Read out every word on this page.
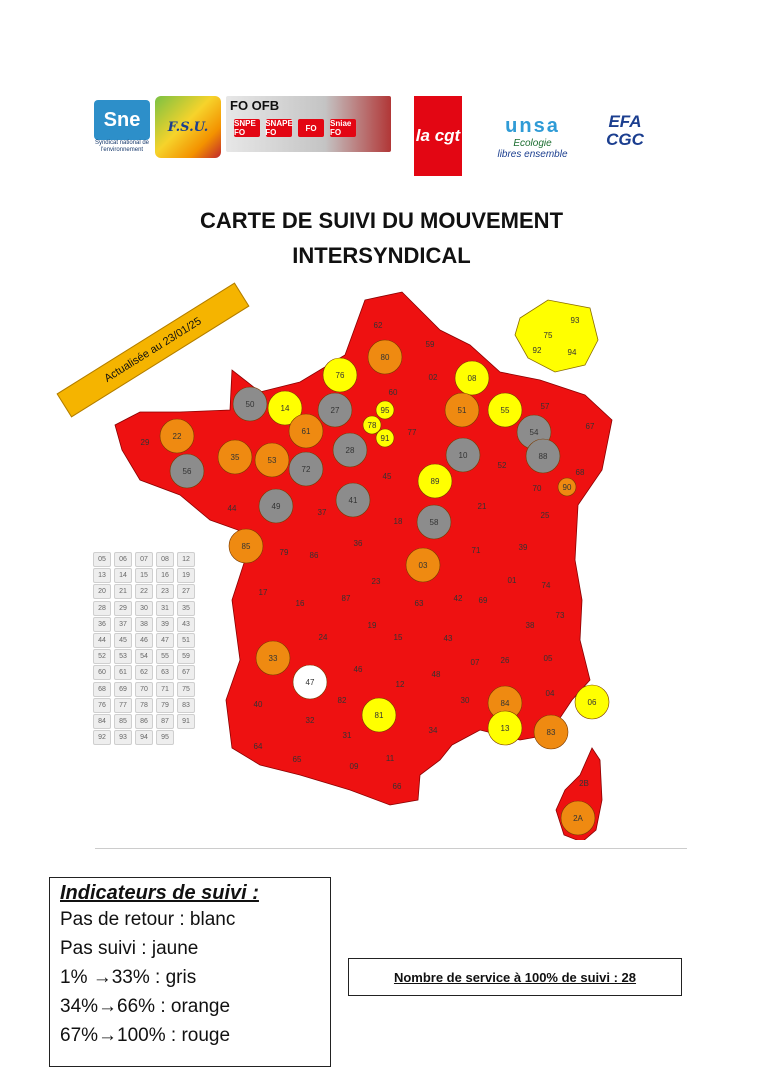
Sne
Syndicat national de l'environnement
F.S.U.
FO OFB
SNPE FO
SNAPE FO	FO	Sniae FO	la cgt unsa
Ecologie
libres ensemble
EFA
CGC
CARTE DE SUIVI DU MOUVEMENT
INTERSYNDICAL
62
59
80
76
60
02	08
50	14	27	95
78
91
77
51	55	57
54
67
88
68
90
29
22
35
56
61
53
72
28
44	49
41
45
10
52
89
37
18	58
21
70
25
85
79	86
36
03
71	39
17
16
87
23
63
42 69
01
74
73
33
24
19
15	43
07	26
38
05
47
46
12
48
30	84
04
06
40
32
82
81
31
34	13	83
64
65
09
11
66	2B
2A
75
93
92	94
Actualisée au 23/01/25
05	06	07	08	12
13	14	15	16	19
20	21	22	23	27
28	29	30	31	35
36	37	38	39	43
44	45	46	47	51
52	53	54	55	59
60	61	62	63	67
68	69	70	71	75
76	77	78	79	83
84	85	86	87	91
92	93	94	95
Indicateurs de suivi :
Pas de retour : blanc
Pas suivi : jaune
1% →33% : gris
34%→66% : orange
67%→100% : rouge
Nombre de service à 100% de suivi : 28
